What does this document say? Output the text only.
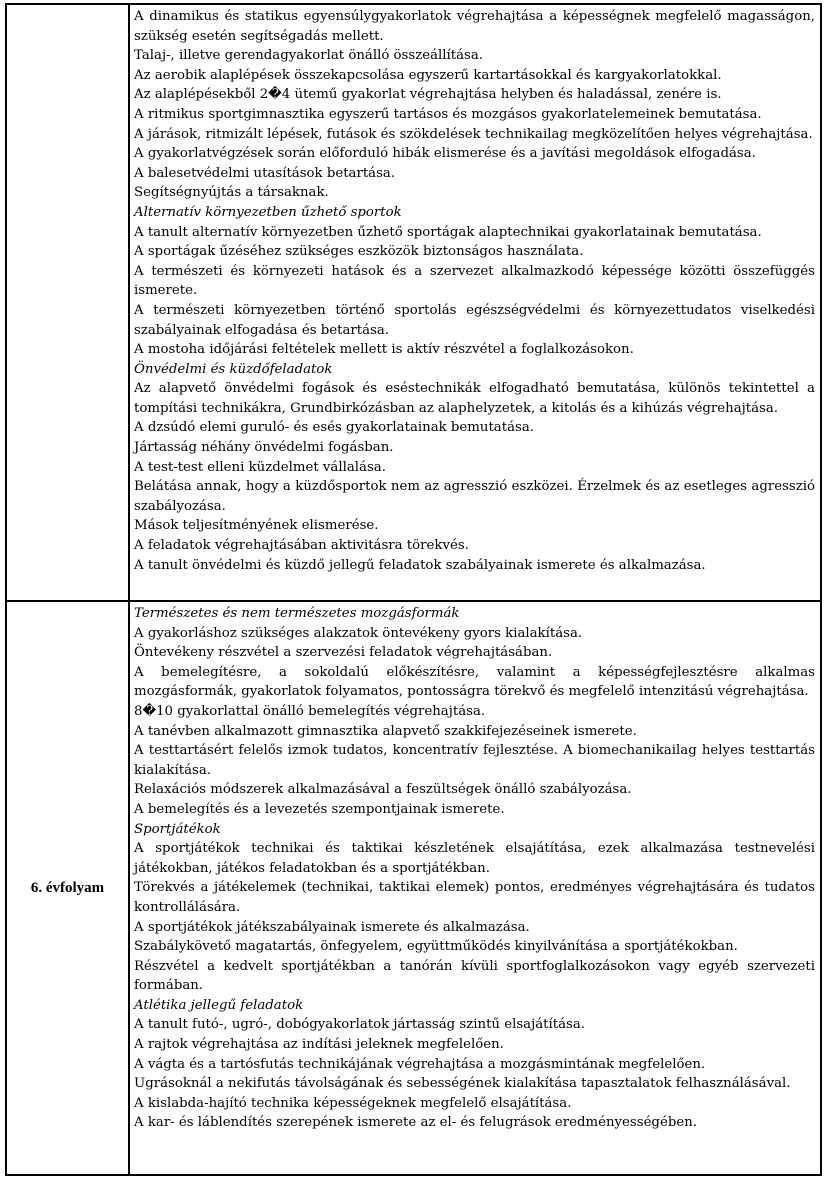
A dinamikus és statikus egyensúlygyakorlatok végrehajtása a képességnek megfelelő magasságon, szükség esetén segítségadás mellett.

Talaj-, illetve gerendagyakorlat önálló összeállítása.

Az aerobik alaplépések összekapcsolása egyszerű kartartásokkal és kargyakorlatokkal.

Az alaplépésekből 2�4 ütemű gyakorlat végrehajtása helyben és haladással, zenére is.

A ritmikus sportgimnasztika egyszerű tartásos és mozgásos gyakorlatelemeinek bemutatása.

A járások, ritmizált lépések, futások és szökdelések technikailag megközelítően helyes végrehajtása.

A gyakorlatvégzések során előforduló hibák elismerése és a javítási megoldások elfogadása.

A balesetvédelmi utasítások betartása.

Segítségnyújtás a társaknak.

Alternatív környezetben űzhető sportok

A tanult alternatív környezetben űzhető sportágak alaptechnikai gyakorlatainak bemutatása.

A sportágak űzéséhez szükséges eszközök biztonságos használata.

A természeti és környezeti hatások és a szervezet alkalmazkodó képessége közötti összefüggés ismerete.

A természeti környezetben történő sportolás egészségvédelmi és környezettudatos viselkedési szabályainak elfogadása és betartása.

A mostoha időjárási feltételek mellett is aktív részvétel a foglalkozásokon.

Önvédelmi és küzdőfeladatok

Az alapvető önvédelmi fogások és eséstechnikák elfogadható bemutatása, különös tekintettel a tompítási technikákra, Grundbirkózásban az alaphelyzetek, a kitolás és a kihúzás végrehajtása.

A dzsúdó elemi guruló- és esés gyakorlatainak bemutatása.

Jártasság néhány önvédelmi fogásban.

A test-test elleni küzdelmet vállalása.

Belátása annak, hogy a küzdősportok nem az agresszió eszközei. Érzelmek és az esetleges agresszió szabályozása.

Mások teljesítményének elismerése.

A feladatok végrehajtásában aktivitásra törekvés.

A tanult önvédelmi és küzdő jellegű feladatok szabályainak ismerete és alkalmazása.

6. évfolyam

Természetes és nem természetes mozgásformák

A gyakorláshoz szükséges alakzatok öntevékeny gyors kialakítása.

Öntevékeny részvétel a szervezési feladatok végrehajtásában.

A bemelegítésre, a sokoldalú előkészítésre, valamint a képességfejlesztésre alkalmas mozgásformák, gyakorlatok folyamatos, pontosságra törekvő és megfelelő intenzitású végrehajtása.

8�10 gyakorlattal önálló bemelegítés végrehajtása.

A tanévben alkalmazott gimnasztika alapvető szakkifejezéseinek ismerete.

A testtartásért felelős izmok tudatos, koncentratív fejlesztése. A biomechanikailag helyes testtartás kialakítása.

Relaxációs módszerek alkalmazásával a feszültségek önálló szabályozása.

A bemelegítés és a levezetés szempontjainak ismerete.

Sportjátékok

A sportjátékok technikai és taktikai készletének elsajátítása, ezek alkalmazása testnevelési játékokban, játékos feladatokban és a sportjátékban.

Törekvés a játékelemek (technikai, taktikai elemek) pontos, eredményes végrehajtására és tudatos kontrollálására.

A sportjátékok játékszabályainak ismerete és alkalmazása.

Szabálykövető magatartás, önfegyelem, együttműködés kinyilvánítása a sportjátékokban.

Részvétel a kedvelt sportjátékban a tanórán kívüli sportfoglalkozásokon vagy egyéb szervezeti formában.

Atlétika jellegű feladatok

A tanult futó-, ugró-, dobógyakorlatok jártasság szintű elsajátítása.

A rajtok végrehajtása az indítási jeleknek megfelelően.

A vágta és a tartósfutás technikájának végrehajtása a mozgásmintának megfelelően.

Ugrásoknál a nekifutás távolságának és sebességének kialakítása tapasztalatok felhasználásával.

A kislabda-hajító technika képességeknek megfelelő elsajátítása.

A kar- és láblendítés szerepének ismerete az el- és felugrások eredményességében.
